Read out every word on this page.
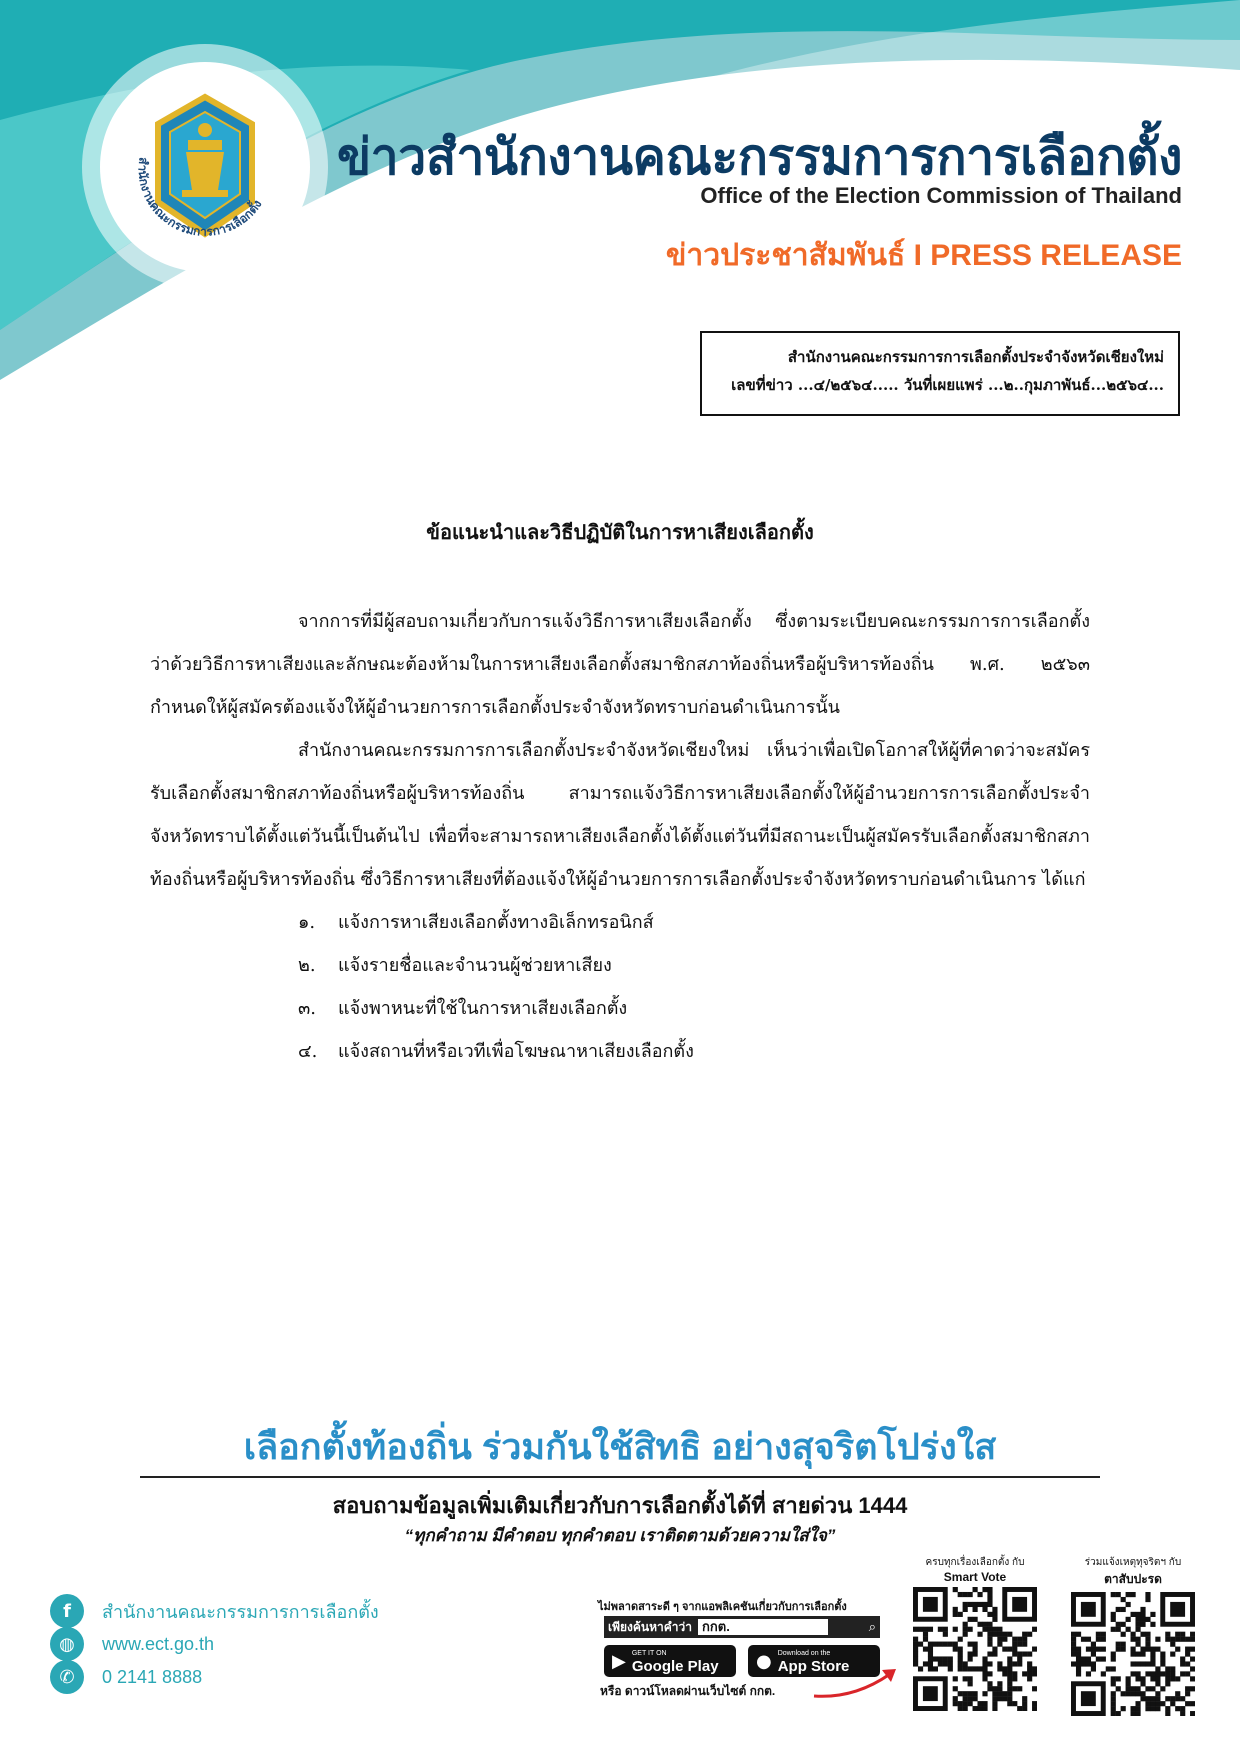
สำนักงานคณะกรรมการการเลือกตั้ง
ข่าวสำนักงานคณะกรรมการการเลือกตั้ง
Office of the Election Commission of Thailand
ข่าวประชาสัมพันธ์ I PRESS RELEASE
สำนักงานคณะกรรมการการเลือกตั้งประจำจังหวัดเชียงใหม่
เลขที่ข่าว ...๔/๒๕๖๔..... วันที่เผยแพร่ ...๒..กุมภาพันธ์...๒๕๖๔...
ข้อแนะนำและวิธีปฏิบัติในการหาเสียงเลือกตั้ง

จากการที่มีผู้สอบถามเกี่ยวกับการแจ้งวิธีการหาเสียงเลือกตั้ง ซึ่งตามระเบียบคณะกรรมการการเลือกตั้งว่าด้วยวิธีการหาเสียงและลักษณะต้องห้ามในการหาเสียงเลือกตั้งสมาชิกสภาท้องถิ่นหรือผู้บริหารท้องถิ่น พ.ศ. ๒๕๖๓ กำหนดให้ผู้สมัครต้องแจ้งให้ผู้อำนวยการการเลือกตั้งประจำจังหวัดทราบก่อนดำเนินการนั้น

สำนักงานคณะกรรมการการเลือกตั้งประจำจังหวัดเชียงใหม่ เห็นว่าเพื่อเปิดโอกาสให้ผู้ที่คาดว่าจะสมัครรับเลือกตั้งสมาชิกสภาท้องถิ่นหรือผู้บริหารท้องถิ่น สามารถแจ้งวิธีการหาเสียงเลือกตั้งให้ผู้อำนวยการการเลือกตั้งประจำจังหวัดทราบได้ตั้งแต่วันนี้เป็นต้นไป เพื่อที่จะสามารถหาเสียงเลือกตั้งได้ตั้งแต่วันที่มีสถานะเป็นผู้สมัครรับเลือกตั้งสมาชิกสภาท้องถิ่นหรือผู้บริหารท้องถิ่น ซึ่งวิธีการหาเสียงที่ต้องแจ้งให้ผู้อำนวยการการเลือกตั้งประจำจังหวัดทราบก่อนดำเนินการ ได้แก่

๑.	แจ้งการหาเสียงเลือกตั้งทางอิเล็กทรอนิกส์
๒.	แจ้งรายชื่อและจำนวนผู้ช่วยหาเสียง
๓.	แจ้งพาหนะที่ใช้ในการหาเสียงเลือกตั้ง
๔.	แจ้งสถานที่หรือเวทีเพื่อโฆษณาหาเสียงเลือกตั้ง
เลือกตั้งท้องถิ่น ร่วมกันใช้สิทธิ อย่างสุจริตโปร่งใส
สอบถามข้อมูลเพิ่มเติมเกี่ยวกับการเลือกตั้งได้ที่ สายด่วน 1444
“ทุกคำถาม มีคำตอบ ทุกคำตอบ เราติดตามด้วยความใส่ใจ”
f	สำนักงานคณะกรรมการการเลือกตั้ง
◍	www.ect.go.th
✆	0 2141 8888
ไม่พลาดสาระดี ๆ จากแอพลิเคชันเกี่ยวกับการเลือกตั้ง
เพียงค้นหาคำว่า กกต.	⌕
▶ GET IT ON
Google Play ● Download on the
App Store
หรือ ดาวน์โหลดผ่านเว็บไซต์ กกต.
ครบทุกเรื่องเลือกตั้ง กับ
Smart Vote
ร่วมแจ้งเหตุทุจริตฯ กับ
ตาสับปะรด
